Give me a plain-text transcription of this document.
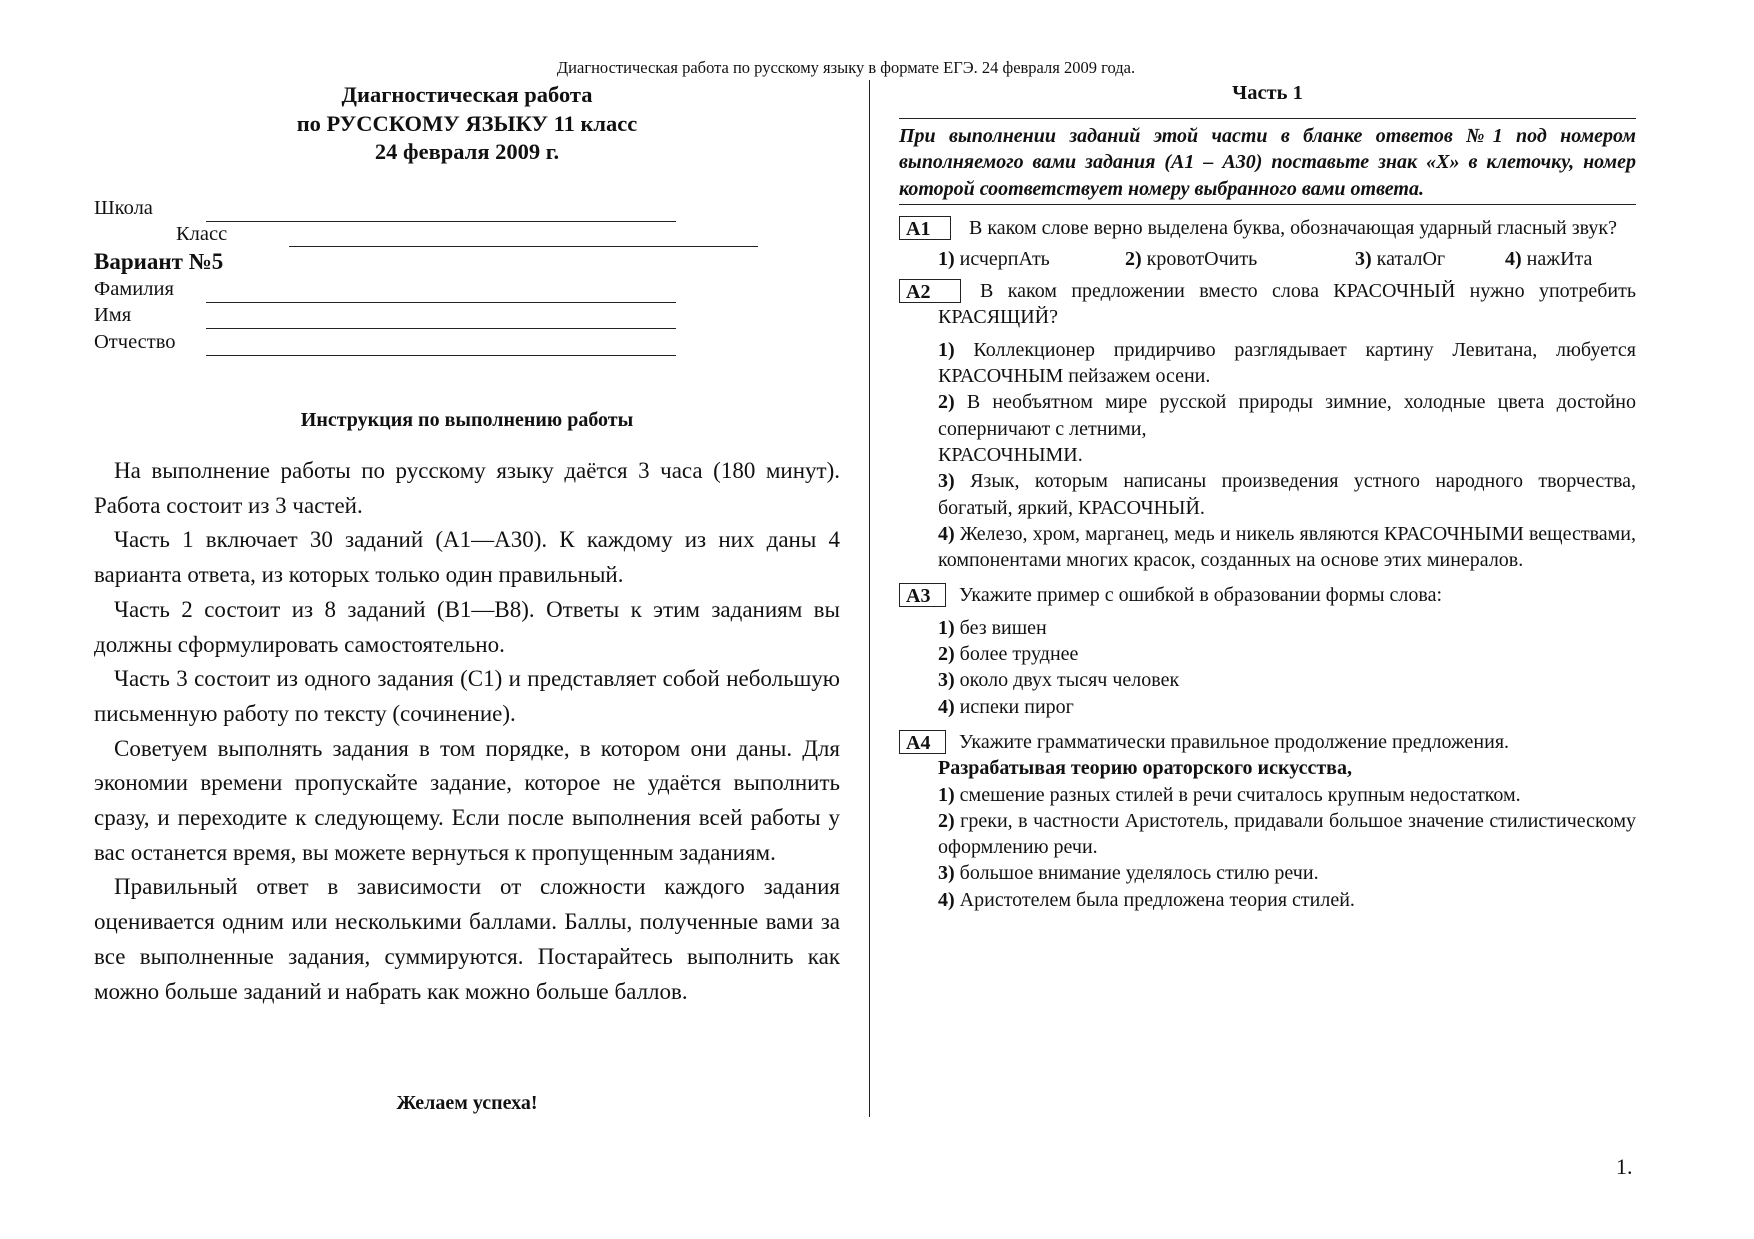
Диагностическая работа по русскому языку в формате ЕГЭ. 24 февраля 2009 года.
Диагностическая работа
по РУССКОМУ ЯЗЫКУ 11 класс
24 февраля 2009 г.
Школа
Класс
Вариант №5
Фамилия
Имя
Отчество
Инструкция по выполнению работы

На выполнение работы по русскому языку даётся 3 часа (180 минут). Работа состоит из 3 частей.

Часть 1 включает 30 заданий (А1—А30). К каждому из них даны 4 варианта ответа, из которых только один правильный.

Часть 2 состоит из 8 заданий (В1—В8). Ответы к этим заданиям вы должны сформулировать самостоятельно.

Часть 3 состоит из одного задания (С1) и представляет собой небольшую письменную работу по тексту (сочинение).

Советуем выполнять задания в том порядке, в котором они даны. Для экономии времени пропускайте задание, которое не удаётся выполнить сразу, и переходите к следующему. Если после выполнения всей работы у вас останется время, вы можете вернуться к пропущенным заданиям.

Правильный ответ в зависимости от сложности каждого задания оценивается одним или несколькими баллами. Баллы, полученные вами за все выполненные задания, суммируются. Постарайтесь выполнить как можно больше заданий и набрать как можно больше баллов.

Желаем успеха!
Часть 1
При выполнении заданий этой части в бланке ответов №1 под номером выполняемого вами задания (А1 – А30) поставьте знак «Х» в клеточку, номер которой соответствует номеру выбранного вами ответа.
А1	В каком слове верно выделена буква, обозначающая ударный гласный звук?
1) исчерпАть	2) кровотОчить	3) каталОг	4) нажИта
А2	В каком предложении вместо слова КРАСОЧНЫЙ нужно употребить КРАСЯЩИЙ?

1) Коллекционер придирчиво разглядывает картину Левитана, любуется КРАСОЧНЫМ пейзажем осени.

2) В необъятном мире русской природы зимние, холодные цвета достойно соперничают с летними,
КРАСОЧНЫМИ.

3) Язык, которым написаны произведения устного народного творчества, богатый, яркий, КРАСОЧНЫЙ.

4) Железо, хром, марганец, медь и никель являются КРАСОЧНЫМИ веществами, компонентами многих красок, созданных на основе этих минералов.

А3	Укажите пример с ошибкой в образовании формы слова:

1) без вишен

2) более труднее

3) около двух тысяч человек

4) испеки пирог

А4	Укажите грамматически правильное продолжение предложения.
Разрабатывая теорию ораторского искусства,

1) смешение разных стилей в речи считалось крупным недостатком.

2) греки, в частности Аристотель, придавали большое значение стилистическому оформлению речи.

3) большое внимание уделялось стилю речи.

4) Аристотелем была предложена теория стилей.

1.
